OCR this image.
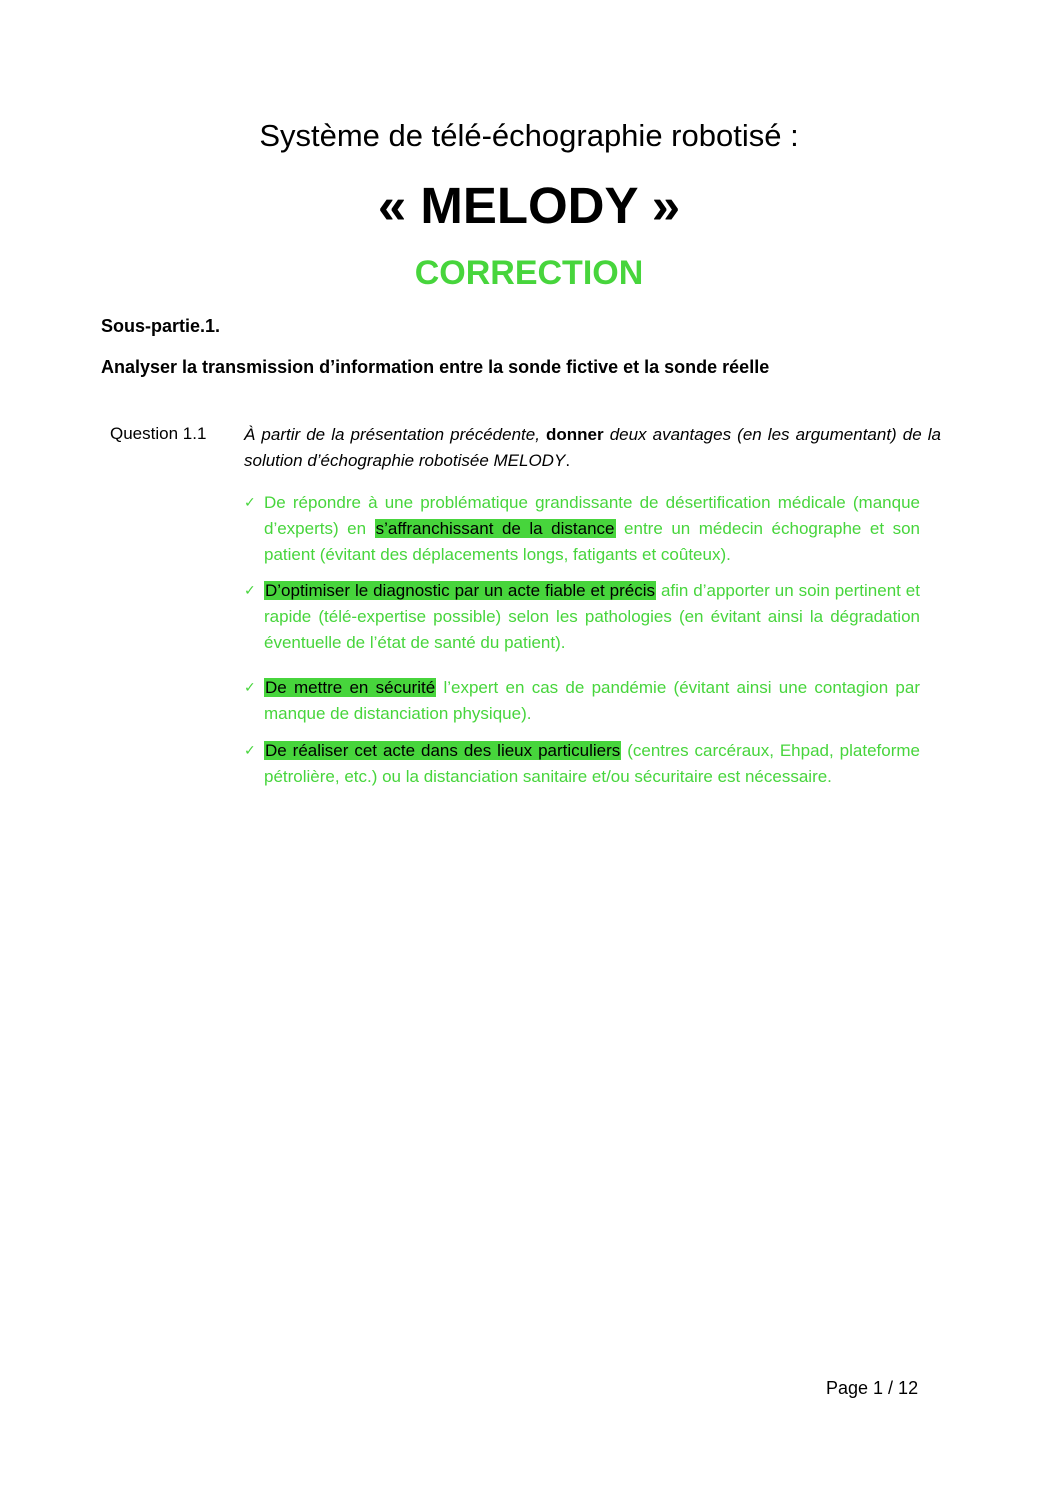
Système de télé-échographie robotisé :
« MELODY »
CORRECTION

Sous-partie.1.

Analyser la transmission d’information entre la sonde fictive et la sonde réelle

Question 1.1 À partir de la présentation précédente, donner deux avantages (en les argumentant) de la solution d’échographie robotisée MELODY.

✓ De répondre à une problématique grandissante de désertification médicale (manque d’experts) en s’affranchissant de la distance entre un médecin échographe et son patient (évitant des déplacements longs, fatigants et coûteux).
✓ D’optimiser le diagnostic par un acte fiable et précis afin d’apporter un soin pertinent et rapide (télé-expertise possible) selon les pathologies (en évitant ainsi la dégradation éventuelle de l’état de santé du patient).
✓ De mettre en sécurité l’expert en cas de pandémie (évitant ainsi une contagion par manque de distanciation physique).
✓ De réaliser cet acte dans des lieux particuliers (centres carcéraux, Ehpad, plateforme pétrolière, etc.) ou la distanciation sanitaire et/ou sécuritaire est nécessaire.

Page 1 / 12
